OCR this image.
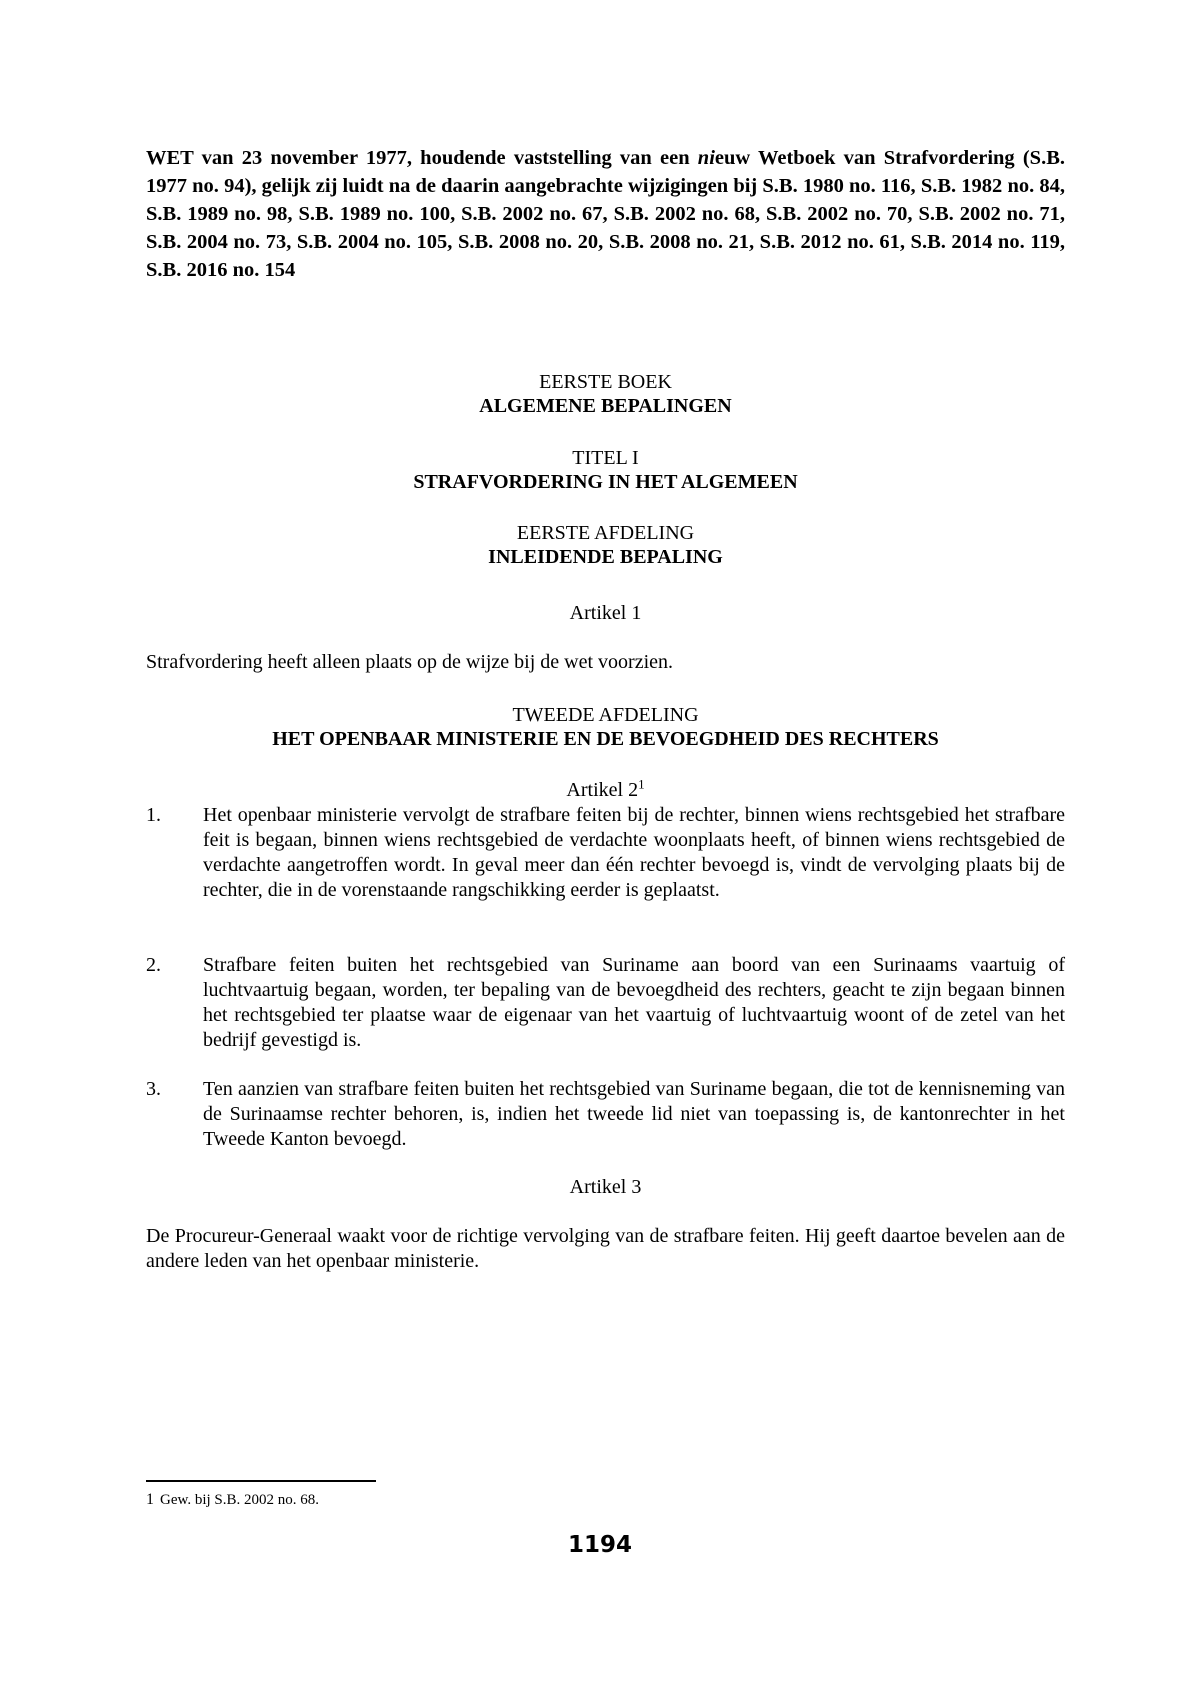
WET van 23 november 1977, houdende vaststelling van een nieuw Wetboek van Strafvordering (S.B. 1977 no. 94), gelijk zij luidt na de daarin aangebrachte wijzigingen bij S.B. 1980 no. 116, S.B. 1982 no. 84, S.B. 1989 no. 98, S.B. 1989 no. 100, S.B. 2002 no. 67, S.B. 2002 no. 68, S.B. 2002 no. 70, S.B. 2002 no. 71, S.B. 2004 no. 73, S.B. 2004 no. 105, S.B. 2008 no. 20, S.B. 2008 no. 21, S.B. 2012 no. 61, S.B. 2014 no. 119, S.B. 2016 no. 154
EERSTE BOEK
ALGEMENE BEPALINGEN
TITEL I
STRAFVORDERING IN HET ALGEMEEN
EERSTE AFDELING
INLEIDENDE BEPALING
Artikel 1
Strafvordering heeft alleen plaats op de wijze bij de wet voorzien.
TWEEDE AFDELING
HET OPENBAAR MINISTERIE EN DE BEVOEGDHEID DES RECHTERS
Artikel $2^1$
1.	Het openbaar ministerie vervolgt de strafbare feiten bij de rechter, binnen wiens rechtsgebied het strafbare feit is begaan, binnen wiens rechtsgebied de verdachte woonplaats heeft, of binnen wiens rechtsgebied de verdachte aangetroffen wordt. In geval meer dan één rechter bevoegd is, vindt de vervolging plaats bij de rechter, die in de vorenstaande rangschikking eerder is geplaatst.
2.	Strafbare feiten buiten het rechtsgebied van Suriname aan boord van een Surinaams vaartuig of luchtvaartuig begaan, worden, ter bepaling van de bevoegdheid des rechters, geacht te zijn begaan binnen het rechtsgebied ter plaatse waar de eigenaar van het vaartuig of luchtvaartuig woont of de zetel van het bedrijf gevestigd is.
3.	Ten aanzien van strafbare feiten buiten het rechtsgebied van Suriname begaan, die tot de kennisneming van de Surinaamse rechter behoren, is, indien het tweede lid niet van toepassing is, de kantonrechter in het Tweede Kanton bevoegd.
Artikel 3
De Procureur-Generaal waakt voor de richtige vervolging van de strafbare feiten. Hij geeft daartoe bevelen aan de andere leden van het openbaar ministerie.
1 Gew. bij S.B. 2002 no. 68.
1194
